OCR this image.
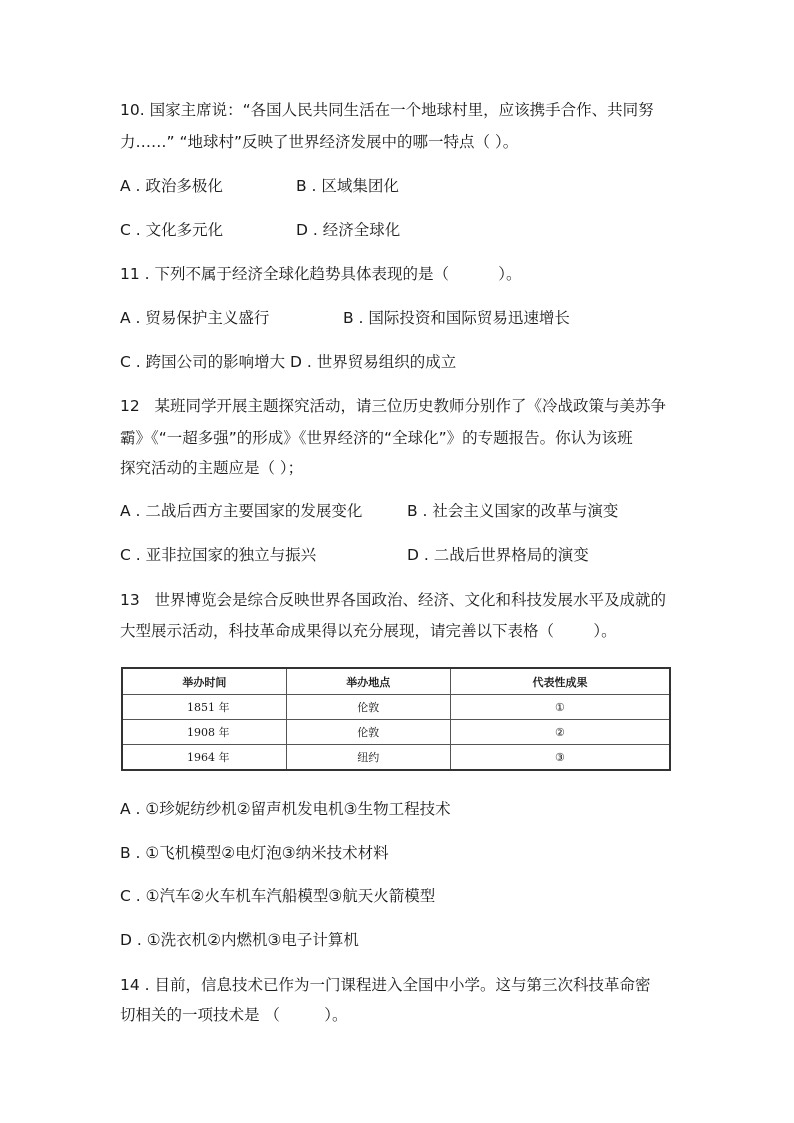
10. 国家主席说：“各国人民共同生活在一个地球村里，应该携手合作、共同努
力……” “地球村”反映了世界经济发展中的哪一特点（ ）。
A . 政治多极化	B . 区域集团化
C . 文化多元化	D . 经济全球化
11 . 下列不属于经济全球化趋势具体表现的是（          ）。
A . 贸易保护主义盛行	B . 国际投资和国际贸易迅速增长
C . 跨国公司的影响增大 D . 世界贸易组织的成立
12   某班同学开展主题探究活动，请三位历史教师分别作了《冷战政策与美苏争
霸》《“一超多强”的形成》《世界经济的“全球化”》的专题报告。你认为该班
探究活动的主题应是（ ）；
A . 二战后西方主要国家的发展变化	B . 社会主义国家的改革与演变
C . 亚非拉国家的独立与振兴	D . 二战后世界格局的演变
13   世界博览会是综合反映世界各国政治、经济、文化和科技发展水平及成就的
大型展示活动，科技革命成果得以充分展现，请完善以下表格（        ）。
举办时间	举办地点	代表性成果
1851 年	伦敦	①
1908 年	伦敦	②
1964 年	纽约	③
A . ①珍妮纺纱机②留声机发电机③生物工程技术
B . ①飞机模型②电灯泡③纳米技术材料
C . ①汽车②火车机车汽船模型③航天火箭模型
D . ①洗衣机②内燃机③电子计算机
14 . 目前，信息技术已作为一门课程进入全国中小学。这与第三次科技革命密
切相关的一项技术是 （         ）。
